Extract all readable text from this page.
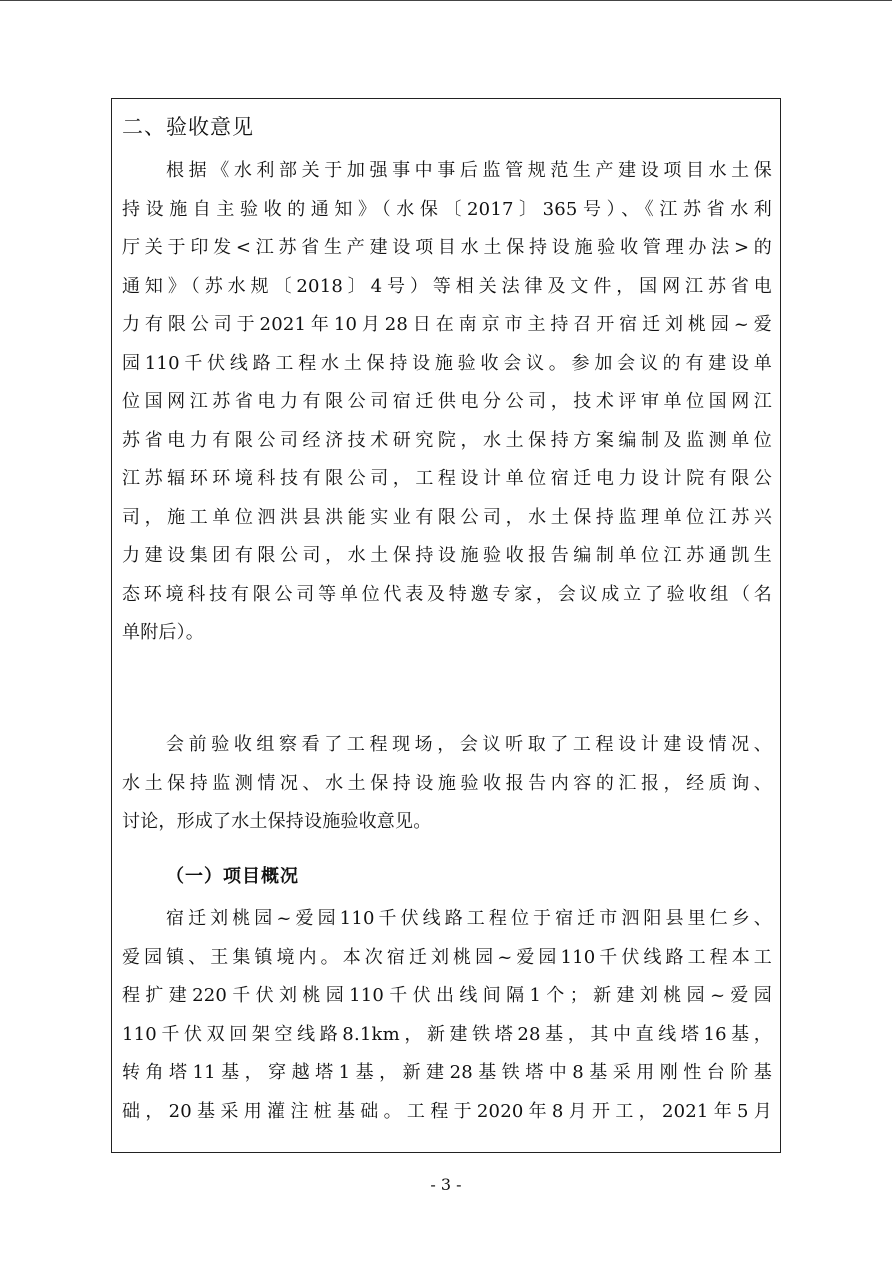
二、验收意见
根据《水利部关于加强事中事后监管规范生产建设项目水土保
持设施自主验收的通知》（水保〔2017〕365号）、《江苏省水利
厅关于印发<江苏省生产建设项目水土保持设施验收管理办法>的
通知》（苏水规〔2018〕4号）等相关法律及文件，国网江苏省电
力有限公司于2021年10月28日在南京市主持召开宿迁刘桃园~爱
园110千伏线路工程水土保持设施验收会议。参加会议的有建设单
位国网江苏省电力有限公司宿迁供电分公司，技术评审单位国网江
苏省电力有限公司经济技术研究院，水土保持方案编制及监测单位
江苏辐环环境科技有限公司，工程设计单位宿迁电力设计院有限公
司，施工单位泗洪县洪能实业有限公司，水土保持监理单位江苏兴
力建设集团有限公司，水土保持设施验收报告编制单位江苏通凯生
态环境科技有限公司等单位代表及特邀专家，会议成立了验收组（名
单附后）。
会前验收组察看了工程现场，会议听取了工程设计建设情况、
水土保持监测情况、水土保持设施验收报告内容的汇报，经质询、
讨论，形成了水土保持设施验收意见。
（一）项目概况
宿迁刘桃园~爱园110千伏线路工程位于宿迁市泗阳县里仁乡、
爱园镇、王集镇境内。本次宿迁刘桃园~爱园110千伏线路工程本工
程扩建220千伏刘桃园110千伏出线间隔1个；新建刘桃园~爱园
110千伏双回架空线路8.1km，新建铁塔28基，其中直线塔16基，
转角塔11基，穿越塔1基，新建28基铁塔中8基采用刚性台阶基
础，20基采用灌注桩基础。工程于2020年8月开工，2021年5月
- 3 -
